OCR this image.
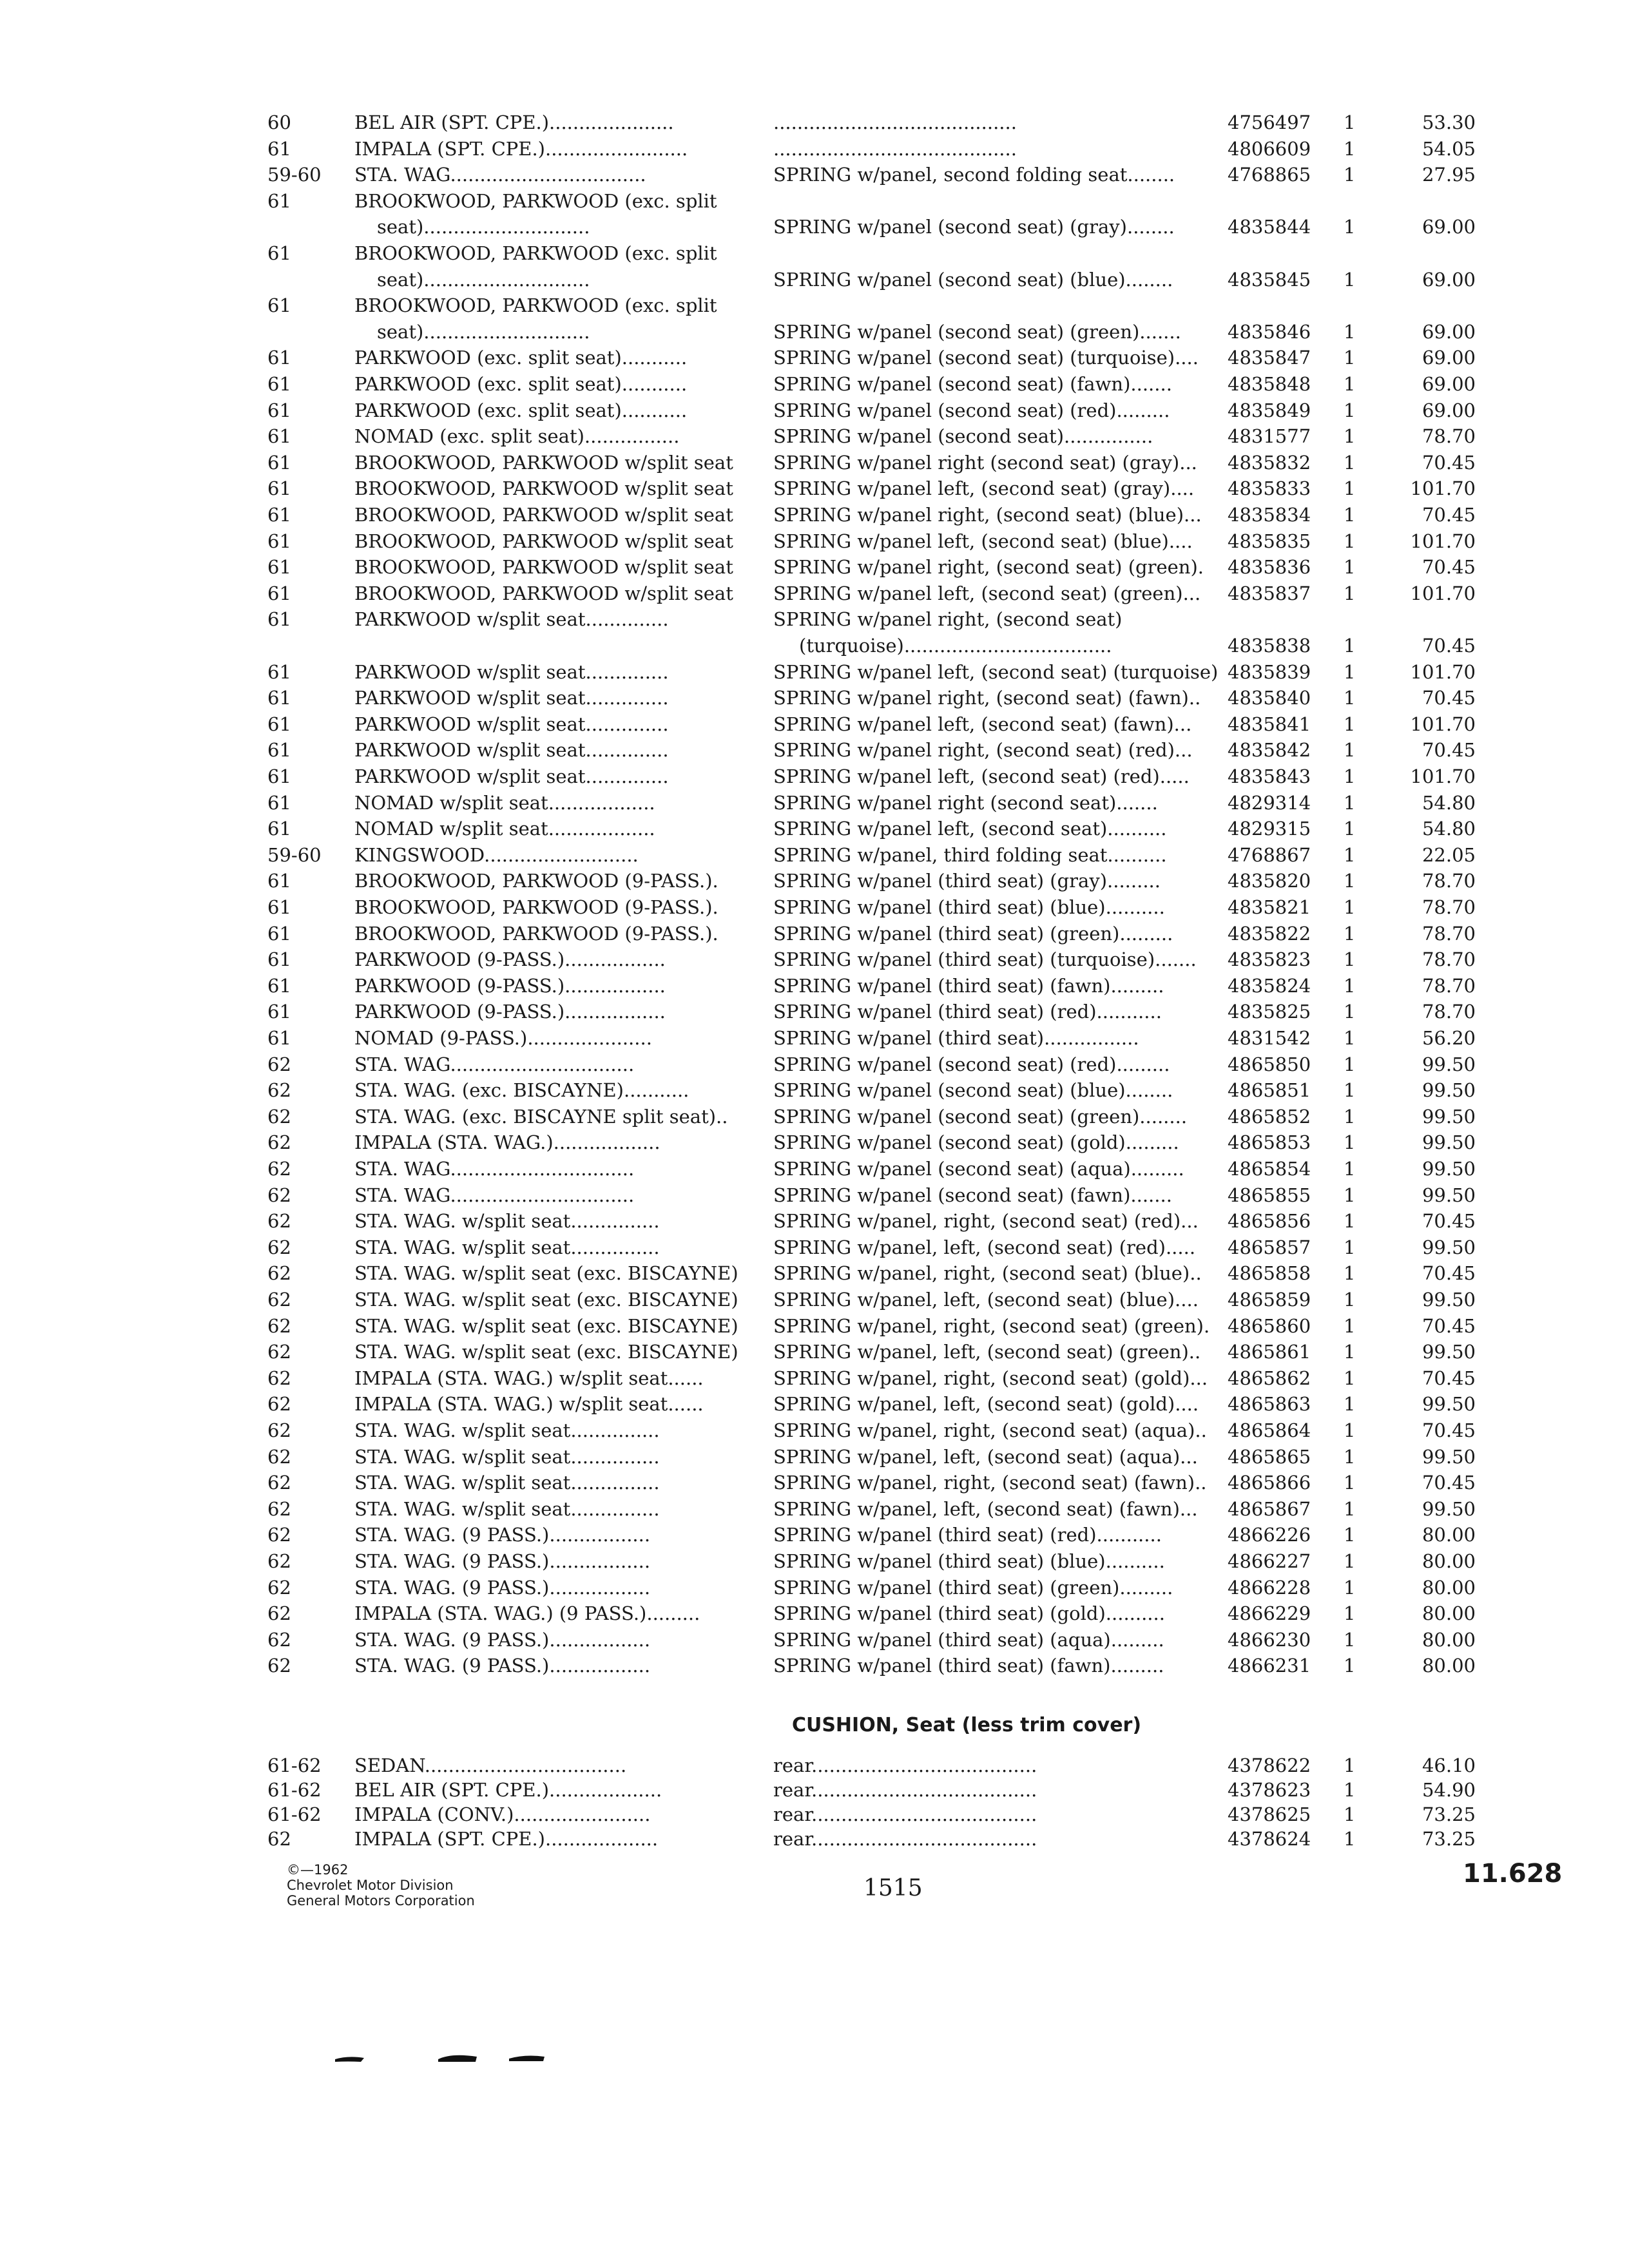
60	BEL AIR (SPT. CPE.).....................	.........................................	4756497	1	53.30
61	IMPALA (SPT. CPE.)........................	.........................................	4806609	1	54.05
59-60	STA. WAG.................................	SPRING w/panel, second folding seat........	4768865	1	27.95
61	BROOKWOOD, PARKWOOD (exc. split
seat)............................	SPRING w/panel (second seat) (gray)........	4835844	1	69.00
61	BROOKWOOD, PARKWOOD (exc. split
seat)............................	SPRING w/panel (second seat) (blue)........	4835845	1	69.00
61	BROOKWOOD, PARKWOOD (exc. split
seat)............................	SPRING w/panel (second seat) (green).......	4835846	1	69.00
61	PARKWOOD (exc. split seat)...........	SPRING w/panel (second seat) (turquoise)....	4835847	1	69.00
61	PARKWOOD (exc. split seat)...........	SPRING w/panel (second seat) (fawn).......	4835848	1	69.00
61	PARKWOOD (exc. split seat)...........	SPRING w/panel (second seat) (red).........	4835849	1	69.00
61	NOMAD (exc. split seat)................	SPRING w/panel (second seat)...............	4831577	1	78.70
61	BROOKWOOD, PARKWOOD w/split seat	SPRING w/panel right (second seat) (gray)...	4835832	1	70.45
61	BROOKWOOD, PARKWOOD w/split seat	SPRING w/panel left, (second seat) (gray)....	4835833	1	101.70
61	BROOKWOOD, PARKWOOD w/split seat	SPRING w/panel right, (second seat) (blue)...	4835834	1	70.45
61	BROOKWOOD, PARKWOOD w/split seat	SPRING w/panel left, (second seat) (blue)....	4835835	1	101.70
61	BROOKWOOD, PARKWOOD w/split seat	SPRING w/panel right, (second seat) (green).	4835836	1	70.45
61	BROOKWOOD, PARKWOOD w/split seat	SPRING w/panel left, (second seat) (green)...	4835837	1	101.70
61	PARKWOOD w/split seat..............	SPRING w/panel right, (second seat)
(turquoise)...................................	4835838	1	70.45
61	PARKWOOD w/split seat..............	SPRING w/panel left, (second seat) (turquoise) 4835839	1	101.70
61	PARKWOOD w/split seat..............	SPRING w/panel right, (second seat) (fawn)..	4835840	1	70.45
61	PARKWOOD w/split seat..............	SPRING w/panel left, (second seat) (fawn)...	4835841	1	101.70
61	PARKWOOD w/split seat..............	SPRING w/panel right, (second seat) (red)...	4835842	1	70.45
61	PARKWOOD w/split seat..............	SPRING w/panel left, (second seat) (red).....	4835843	1	101.70
61	NOMAD w/split seat..................	SPRING w/panel right (second seat).......	4829314	1	54.80
61	NOMAD w/split seat..................	SPRING w/panel left, (second seat)..........	4829315	1	54.80
59-60	KINGSWOOD..........................	SPRING w/panel, third folding seat..........	4768867	1	22.05
61	BROOKWOOD, PARKWOOD (9-PASS.).	SPRING w/panel (third seat) (gray).........	4835820	1	78.70
61	BROOKWOOD, PARKWOOD (9-PASS.).	SPRING w/panel (third seat) (blue)..........	4835821	1	78.70
61	BROOKWOOD, PARKWOOD (9-PASS.).	SPRING w/panel (third seat) (green).........	4835822	1	78.70
61	PARKWOOD (9-PASS.).................	SPRING w/panel (third seat) (turquoise).......	4835823	1	78.70
61	PARKWOOD (9-PASS.).................	SPRING w/panel (third seat) (fawn).........	4835824	1	78.70
61	PARKWOOD (9-PASS.).................	SPRING w/panel (third seat) (red)...........	4835825	1	78.70
61	NOMAD (9-PASS.).....................	SPRING w/panel (third seat)................	4831542	1	56.20
62	STA. WAG...............................	SPRING w/panel (second seat) (red).........	4865850	1	99.50
62	STA. WAG. (exc. BISCAYNE)...........	SPRING w/panel (second seat) (blue)........	4865851	1	99.50
62	STA. WAG. (exc. BISCAYNE split seat)..	SPRING w/panel (second seat) (green)........	4865852	1	99.50
62	IMPALA (STA. WAG.)..................	SPRING w/panel (second seat) (gold).........	4865853	1	99.50
62	STA. WAG...............................	SPRING w/panel (second seat) (aqua).........	4865854	1	99.50
62	STA. WAG...............................	SPRING w/panel (second seat) (fawn).......	4865855	1	99.50
62	STA. WAG. w/split seat...............	SPRING w/panel, right, (second seat) (red)...	4865856	1	70.45
62	STA. WAG. w/split seat...............	SPRING w/panel, left, (second seat) (red).....	4865857	1	99.50
62	STA. WAG. w/split seat (exc. BISCAYNE)	SPRING w/panel, right, (second seat) (blue)..	4865858	1	70.45
62	STA. WAG. w/split seat (exc. BISCAYNE)	SPRING w/panel, left, (second seat) (blue)....	4865859	1	99.50
62	STA. WAG. w/split seat (exc. BISCAYNE)	SPRING w/panel, right, (second seat) (green). 4865860	1	70.45
62	STA. WAG. w/split seat (exc. BISCAYNE)	SPRING w/panel, left, (second seat) (green)..	4865861	1	99.50
62	IMPALA (STA. WAG.) w/split seat......	SPRING w/panel, right, (second seat) (gold)...	4865862	1	70.45
62	IMPALA (STA. WAG.) w/split seat......	SPRING w/panel, left, (second seat) (gold)....	4865863	1	99.50
62	STA. WAG. w/split seat...............	SPRING w/panel, right, (second seat) (aqua)..	4865864	1	70.45
62	STA. WAG. w/split seat...............	SPRING w/panel, left, (second seat) (aqua)...	4865865	1	99.50
62	STA. WAG. w/split seat...............	SPRING w/panel, right, (second seat) (fawn)..	4865866	1	70.45
62	STA. WAG. w/split seat...............	SPRING w/panel, left, (second seat) (fawn)...	4865867	1	99.50
62	STA. WAG. (9 PASS.).................	SPRING w/panel (third seat) (red)...........	4866226	1	80.00
62	STA. WAG. (9 PASS.).................	SPRING w/panel (third seat) (blue)..........	4866227	1	80.00
62	STA. WAG. (9 PASS.).................	SPRING w/panel (third seat) (green).........	4866228	1	80.00
62	IMPALA (STA. WAG.) (9 PASS.).........	SPRING w/panel (third seat) (gold)..........	4866229	1	80.00
62	STA. WAG. (9 PASS.).................	SPRING w/panel (third seat) (aqua).........	4866230	1	80.00
62	STA. WAG. (9 PASS.).................	SPRING w/panel (third seat) (fawn).........	4866231	1	80.00
CUSHION, Seat (less trim cover)
61-62	SEDAN..................................	rear......................................	4378622	1	46.10
61-62	BEL AIR (SPT. CPE.)...................	rear......................................	4378623	1	54.90
61-62	IMPALA (CONV.).......................	rear......................................	4378625	1	73.25
62	IMPALA (SPT. CPE.)...................	rear......................................	4378624	1	73.25
©—1962
Chevrolet Motor Division
General Motors Corporation	1515	11.628
